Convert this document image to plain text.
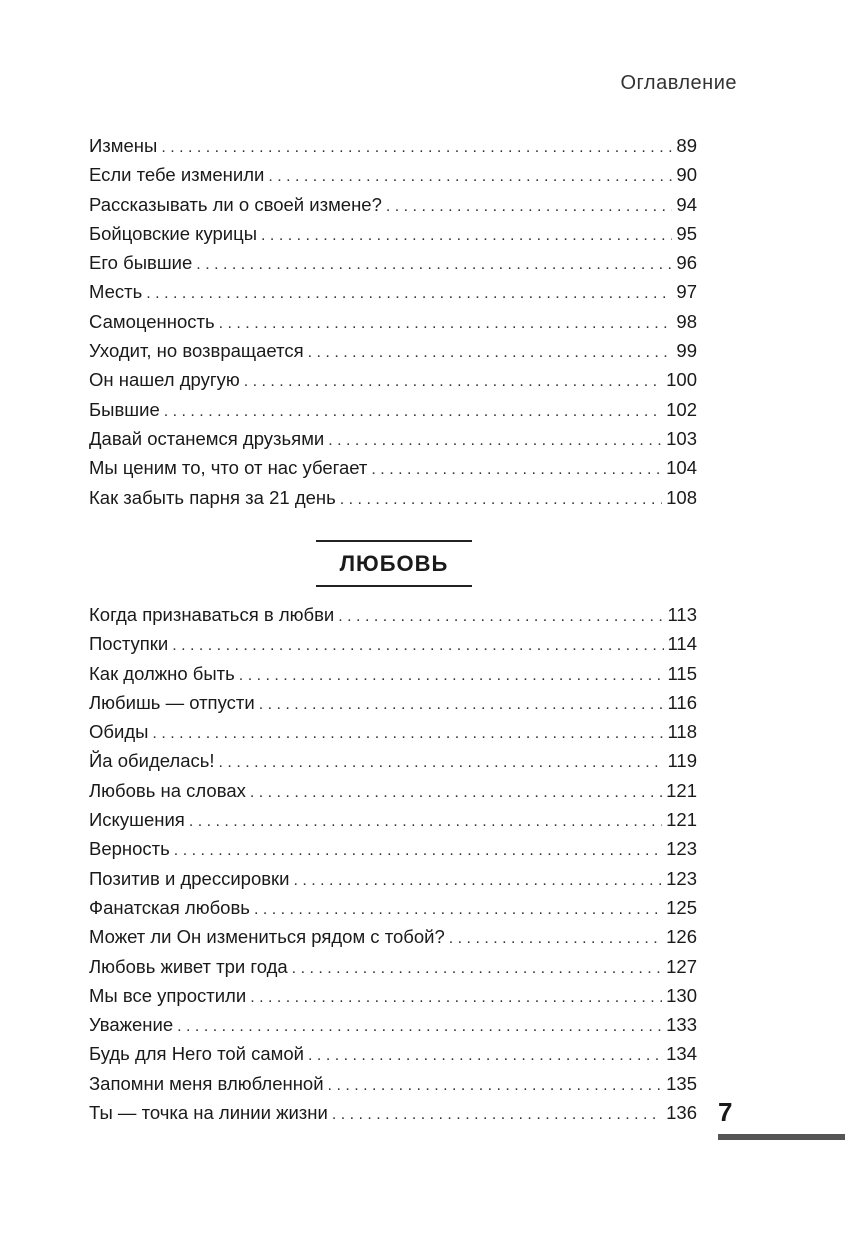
Оглавление
Измены . . .	89
Если тебе изменили . . .	90
Рассказывать ли о своей измене? . . .	94
Бойцовские курицы . . .	95
Его бывшие . . .	96
Месть . . .	97
Самоценность . . .	98
Уходит, но возвращается . . .	99
Он нашел другую . . .	100
Бывшие . . .	102
Давай останемся друзьями . . .	103
Мы ценим то, что от нас убегает . . .	104
Как забыть парня за 21 день . . .	108
ЛЮБОВЬ
Когда признаваться в любви . . .	113
Поступки . . .	114
Как должно быть . . .	115
Любишь — отпусти . . .	116
Обиды . . .	118
Йа обиделась! . . .	119
Любовь на словах . . .	121
Искушения . . .	121
Верность . . .	123
Позитив и дрессировки . . .	123
Фанатская любовь . . .	125
Может ли Он измениться рядом с тобой? . . .	126
Любовь живет три года . . .	127
Мы все упростили . . .	130
Уважение . . .	133
Будь для Него той самой . . .	134
Запомни меня влюбленной . . .	135
Ты — точка на линии жизни . . .	136 7
